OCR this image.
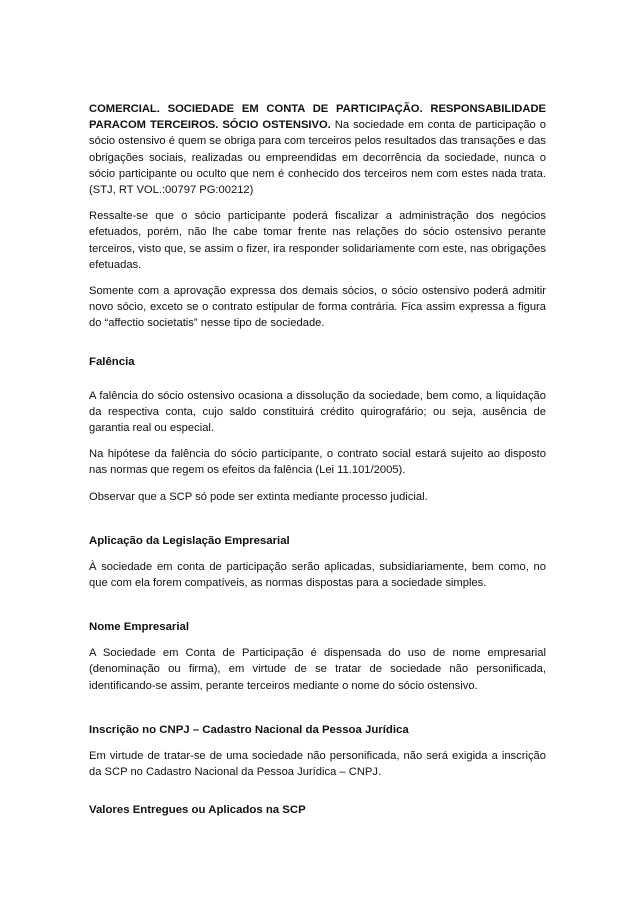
COMERCIAL. SOCIEDADE EM CONTA DE PARTICIPAÇÃO. RESPONSABILIDADE PARACOM TERCEIROS. SÓCIO OSTENSIVO. Na sociedade em conta de participação o sócio ostensivo é quem se obriga para com terceiros pelos resultados das transações e das obrigações sociais, realizadas ou empreendidas em decorrência da sociedade, nunca o sócio participante ou oculto que nem é conhecido dos terceiros nem com estes nada trata. (STJ, RT VOL.:00797 PG:00212)

Ressalte-se que o sócio participante poderá fiscalizar a administração dos negócios efetuados, porém, não lhe cabe tomar frente nas relações do sócio ostensivo perante terceiros, visto que, se assim o fizer, ira responder solidariamente com este, nas obrigações efetuadas.

Somente com a aprovação expressa dos demais sócios, o sócio ostensivo poderá admitir novo sócio, exceto se o contrato estipular de forma contrária. Fica assim expressa a figura do “affectio societatis” nesse tipo de sociedade.

Falência

A falência do sócio ostensivo ocasiona a dissolução da sociedade, bem como, a liquidação da respectiva conta, cujo saldo constituirá crédito quirografário; ou seja, ausência de garantia real ou especial.

Na hipótese da falência do sócio participante, o contrato social estará sujeito ao disposto nas normas que regem os efeitos da falência (Lei 11.101/2005).

Observar que a SCP só pode ser extinta mediante processo judicial.

Aplicação da Legislação Empresarial

À sociedade em conta de participação serão aplicadas, subsidiariamente, bem como, no que com ela forem compatíveis, as normas dispostas para a sociedade simples.

Nome Empresarial

A Sociedade em Conta de Participação é dispensada do uso de nome empresarial (denominação ou firma), em virtude de se tratar de sociedade não personificada, identificando-se assim, perante terceiros mediante o nome do sócio ostensivo.

Inscrição no CNPJ – Cadastro Nacional da Pessoa Jurídica

Em virtude de tratar-se de uma sociedade não personificada, não será exigida a inscrição da SCP no Cadastro Nacional da Pessoa Jurídica – CNPJ.

Valores Entregues ou Aplicados na SCP
